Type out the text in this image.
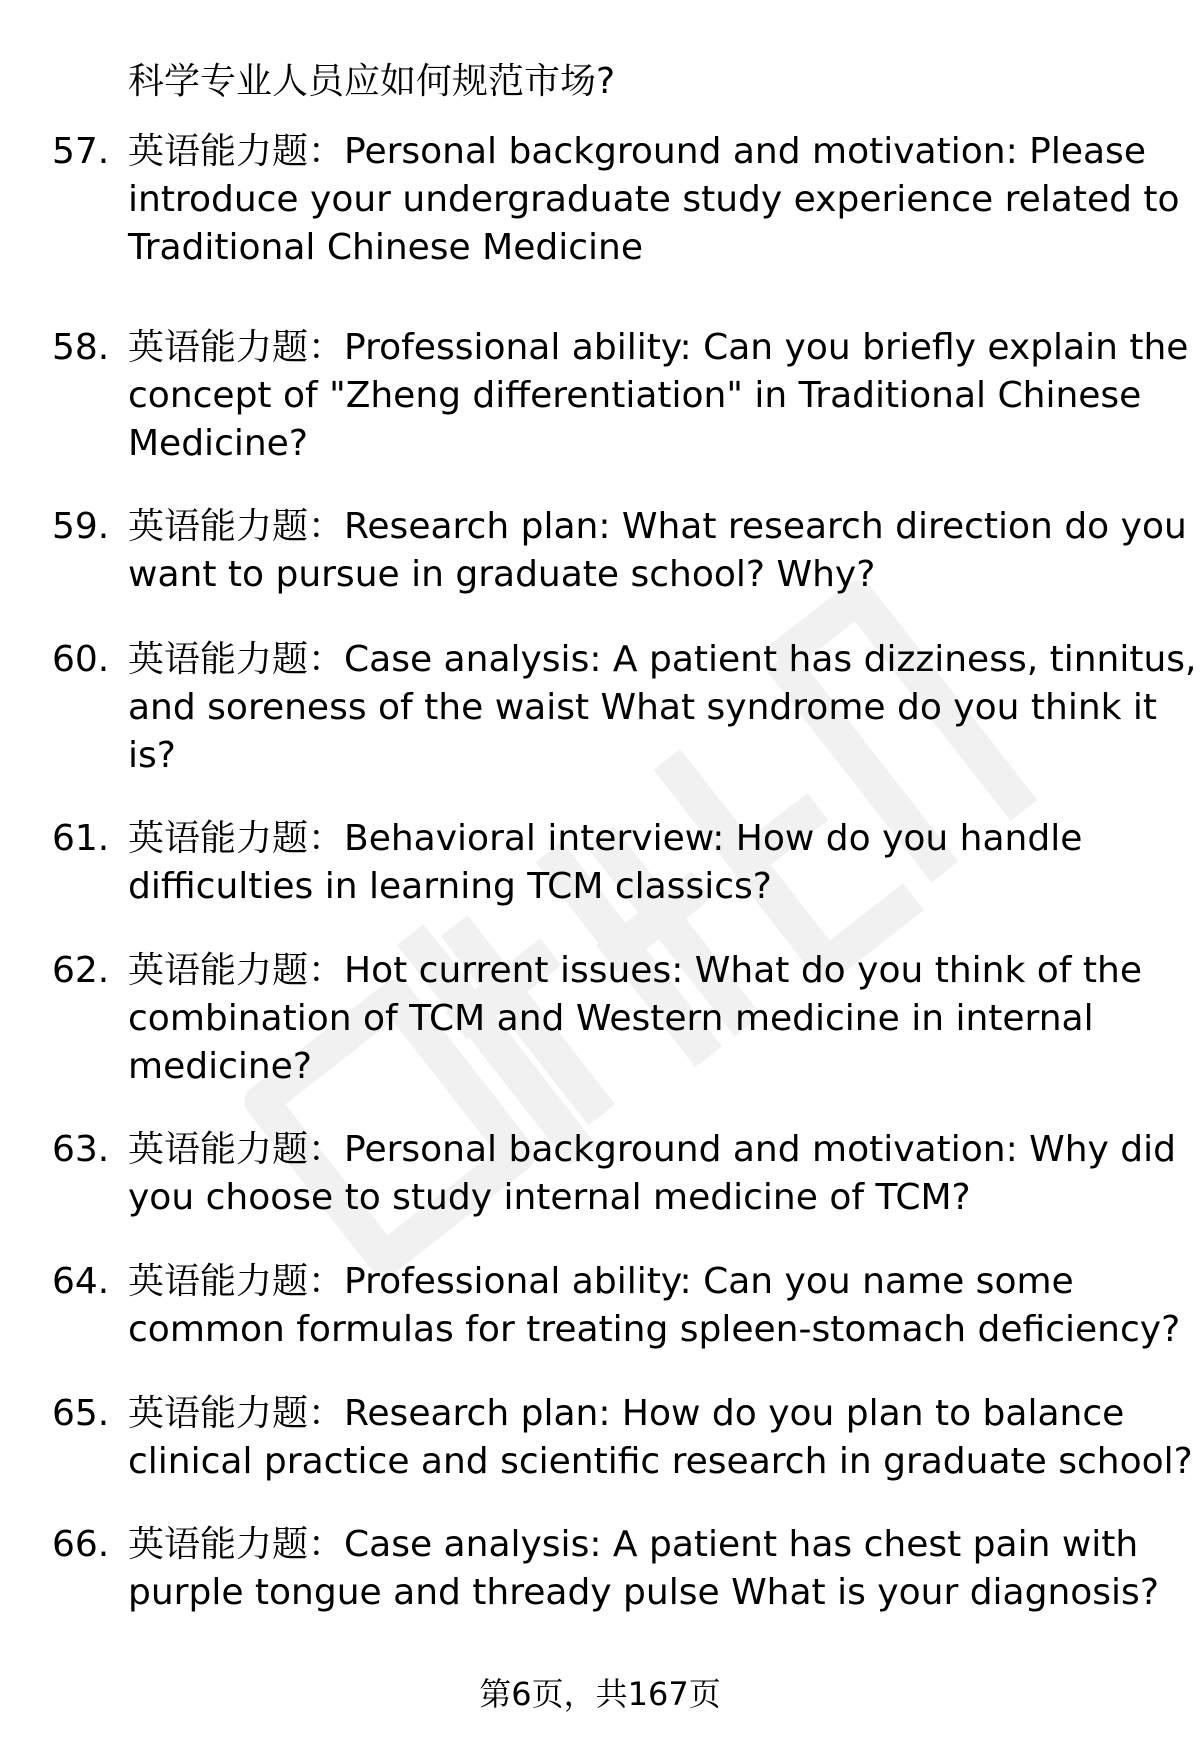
科学专业人员应如何规范市场?
57. 英语能力题：Personal background and motivation: Please
introduce your undergraduate study experience related to
Traditional Chinese Medicine
58. 英语能力题：Professional ability: Can you briefly explain the
concept of "Zheng differentiation" in Traditional Chinese
Medicine?
59. 英语能力题：Research plan: What research direction do you
want to pursue in graduate school? Why?
60. 英语能力题：Case analysis: A patient has dizziness, tinnitus,
and soreness of the waist What syndrome do you think it
is?
61. 英语能力题：Behavioral interview: How do you handle
difficulties in learning TCM classics?
62. 英语能力题：Hot current issues: What do you think of the
combination of TCM and Western medicine in internal
medicine?
63. 英语能力题：Personal background and motivation: Why did
you choose to study internal medicine of TCM?
64. 英语能力题：Professional ability: Can you name some
common formulas for treating spleen-stomach deficiency?
65. 英语能力题：Research plan: How do you plan to balance
clinical practice and scientific research in graduate school?
66. 英语能力题：Case analysis: A patient has chest pain with
purple tongue and thready pulse What is your diagnosis?
第6页，共167页
